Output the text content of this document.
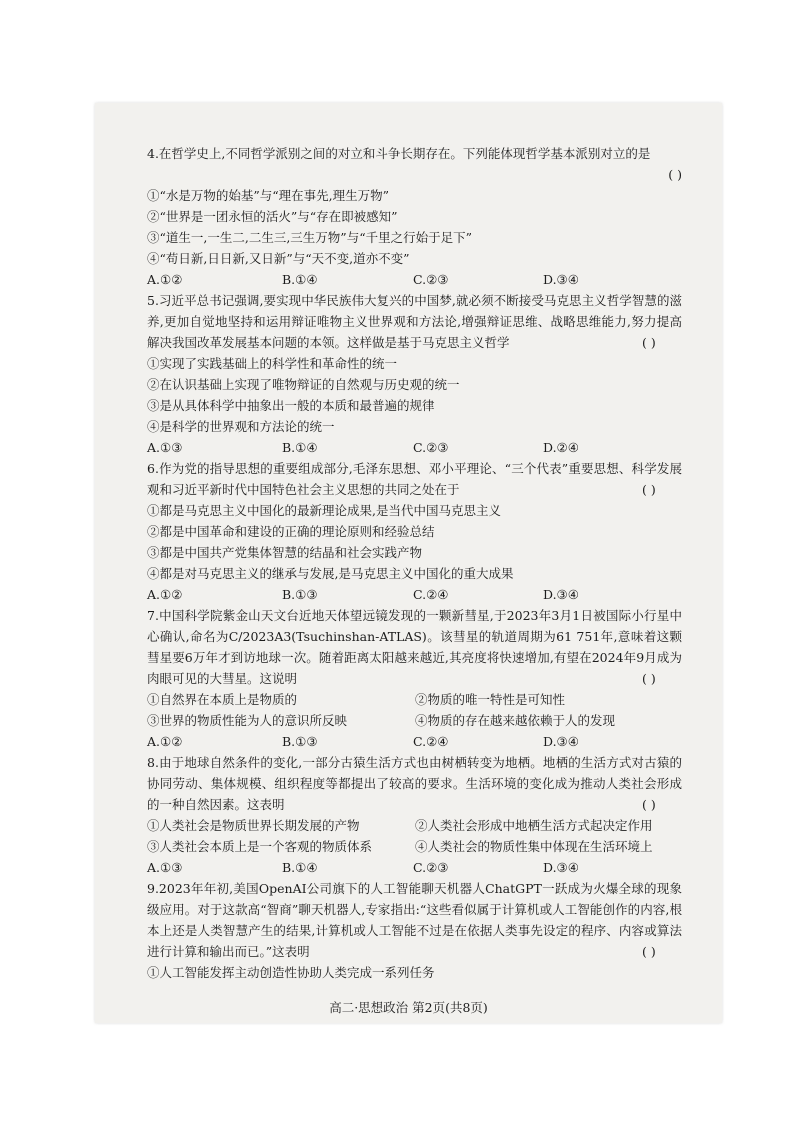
4.在哲学史上,不同哲学派别之间的对立和斗争长期存在。下列能体现哲学基本派别对立的是
( )
①“水是万物的始基”与“理在事先,理生万物”
②“世界是一团永恒的活火”与“存在即被感知”
③“道生一,一生二,二生三,三生万物”与“千里之行始于足下”
④“苟日新,日日新,又日新”与“天不变,道亦不变”
A.①②	B.①④	C.②③	D.③④
5.习近平总书记强调,要实现中华民族伟大复兴的中国梦,就必须不断接受马克思主义哲学智慧的滋养,更加自觉地坚持和运用辩证唯物主义世界观和方法论,增强辩证思维、战略思维能力,努力提高解决我国改革发展基本问题的本领。这样做是基于马克思主义哲学	( )
①实现了实践基础上的科学性和革命性的统一
②在认识基础上实现了唯物辩证的自然观与历史观的统一
③是从具体科学中抽象出一般的本质和最普遍的规律
④是科学的世界观和方法论的统一
A.①③	B.①④	C.②③	D.②④
6.作为党的指导思想的重要组成部分,毛泽东思想、邓小平理论、“三个代表”重要思想、科学发展观和习近平新时代中国特色社会主义思想的共同之处在于	( )
①都是马克思主义中国化的最新理论成果,是当代中国马克思主义
②都是中国革命和建设的正确的理论原则和经验总结
③都是中国共产党集体智慧的结晶和社会实践产物
④都是对马克思主义的继承与发展,是马克思主义中国化的重大成果
A.①②	B.①③	C.②④	D.③④
7.中国科学院紫金山天文台近地天体望远镜发现的一颗新彗星,于2023年3月1日被国际小行星中心确认,命名为C/2023A3(Tsuchinshan-ATLAS)。该彗星的轨道周期为61 751年,意味着这颗彗星要6万年才到访地球一次。随着距离太阳越来越近,其亮度将快速增加,有望在2024年9月成为肉眼可见的大彗星。这说明	( )
①自然界在本质上是物质的	②物质的唯一特性是可知性
③世界的物质性能为人的意识所反映	④物质的存在越来越依赖于人的发现
A.①②	B.①③	C.②④	D.③④
8.由于地球自然条件的变化,一部分古猿生活方式也由树栖转变为地栖。地栖的生活方式对古猿的协同劳动、集体规模、组织程度等都提出了较高的要求。生活环境的变化成为推动人类社会形成的一种自然因素。这表明	( )
①人类社会是物质世界长期发展的产物	②人类社会形成中地栖生活方式起决定作用
③人类社会本质上是一个客观的物质体系	④人类社会的物质性集中体现在生活环境上
A.①③	B.①④	C.②③	D.③④
9.2023年年初,美国OpenAI公司旗下的人工智能聊天机器人ChatGPT一跃成为火爆全球的现象级应用。对于这款高“智商”聊天机器人,专家指出:“这些看似属于计算机或人工智能创作的内容,根本上还是人类智慧产生的结果,计算机或人工智能不过是在依据人类事先设定的程序、内容或算法进行计算和输出而已。”这表明	( )
①人工智能发挥主动创造性协助人类完成一系列任务
高二·思想政治 第2页(共8页)
